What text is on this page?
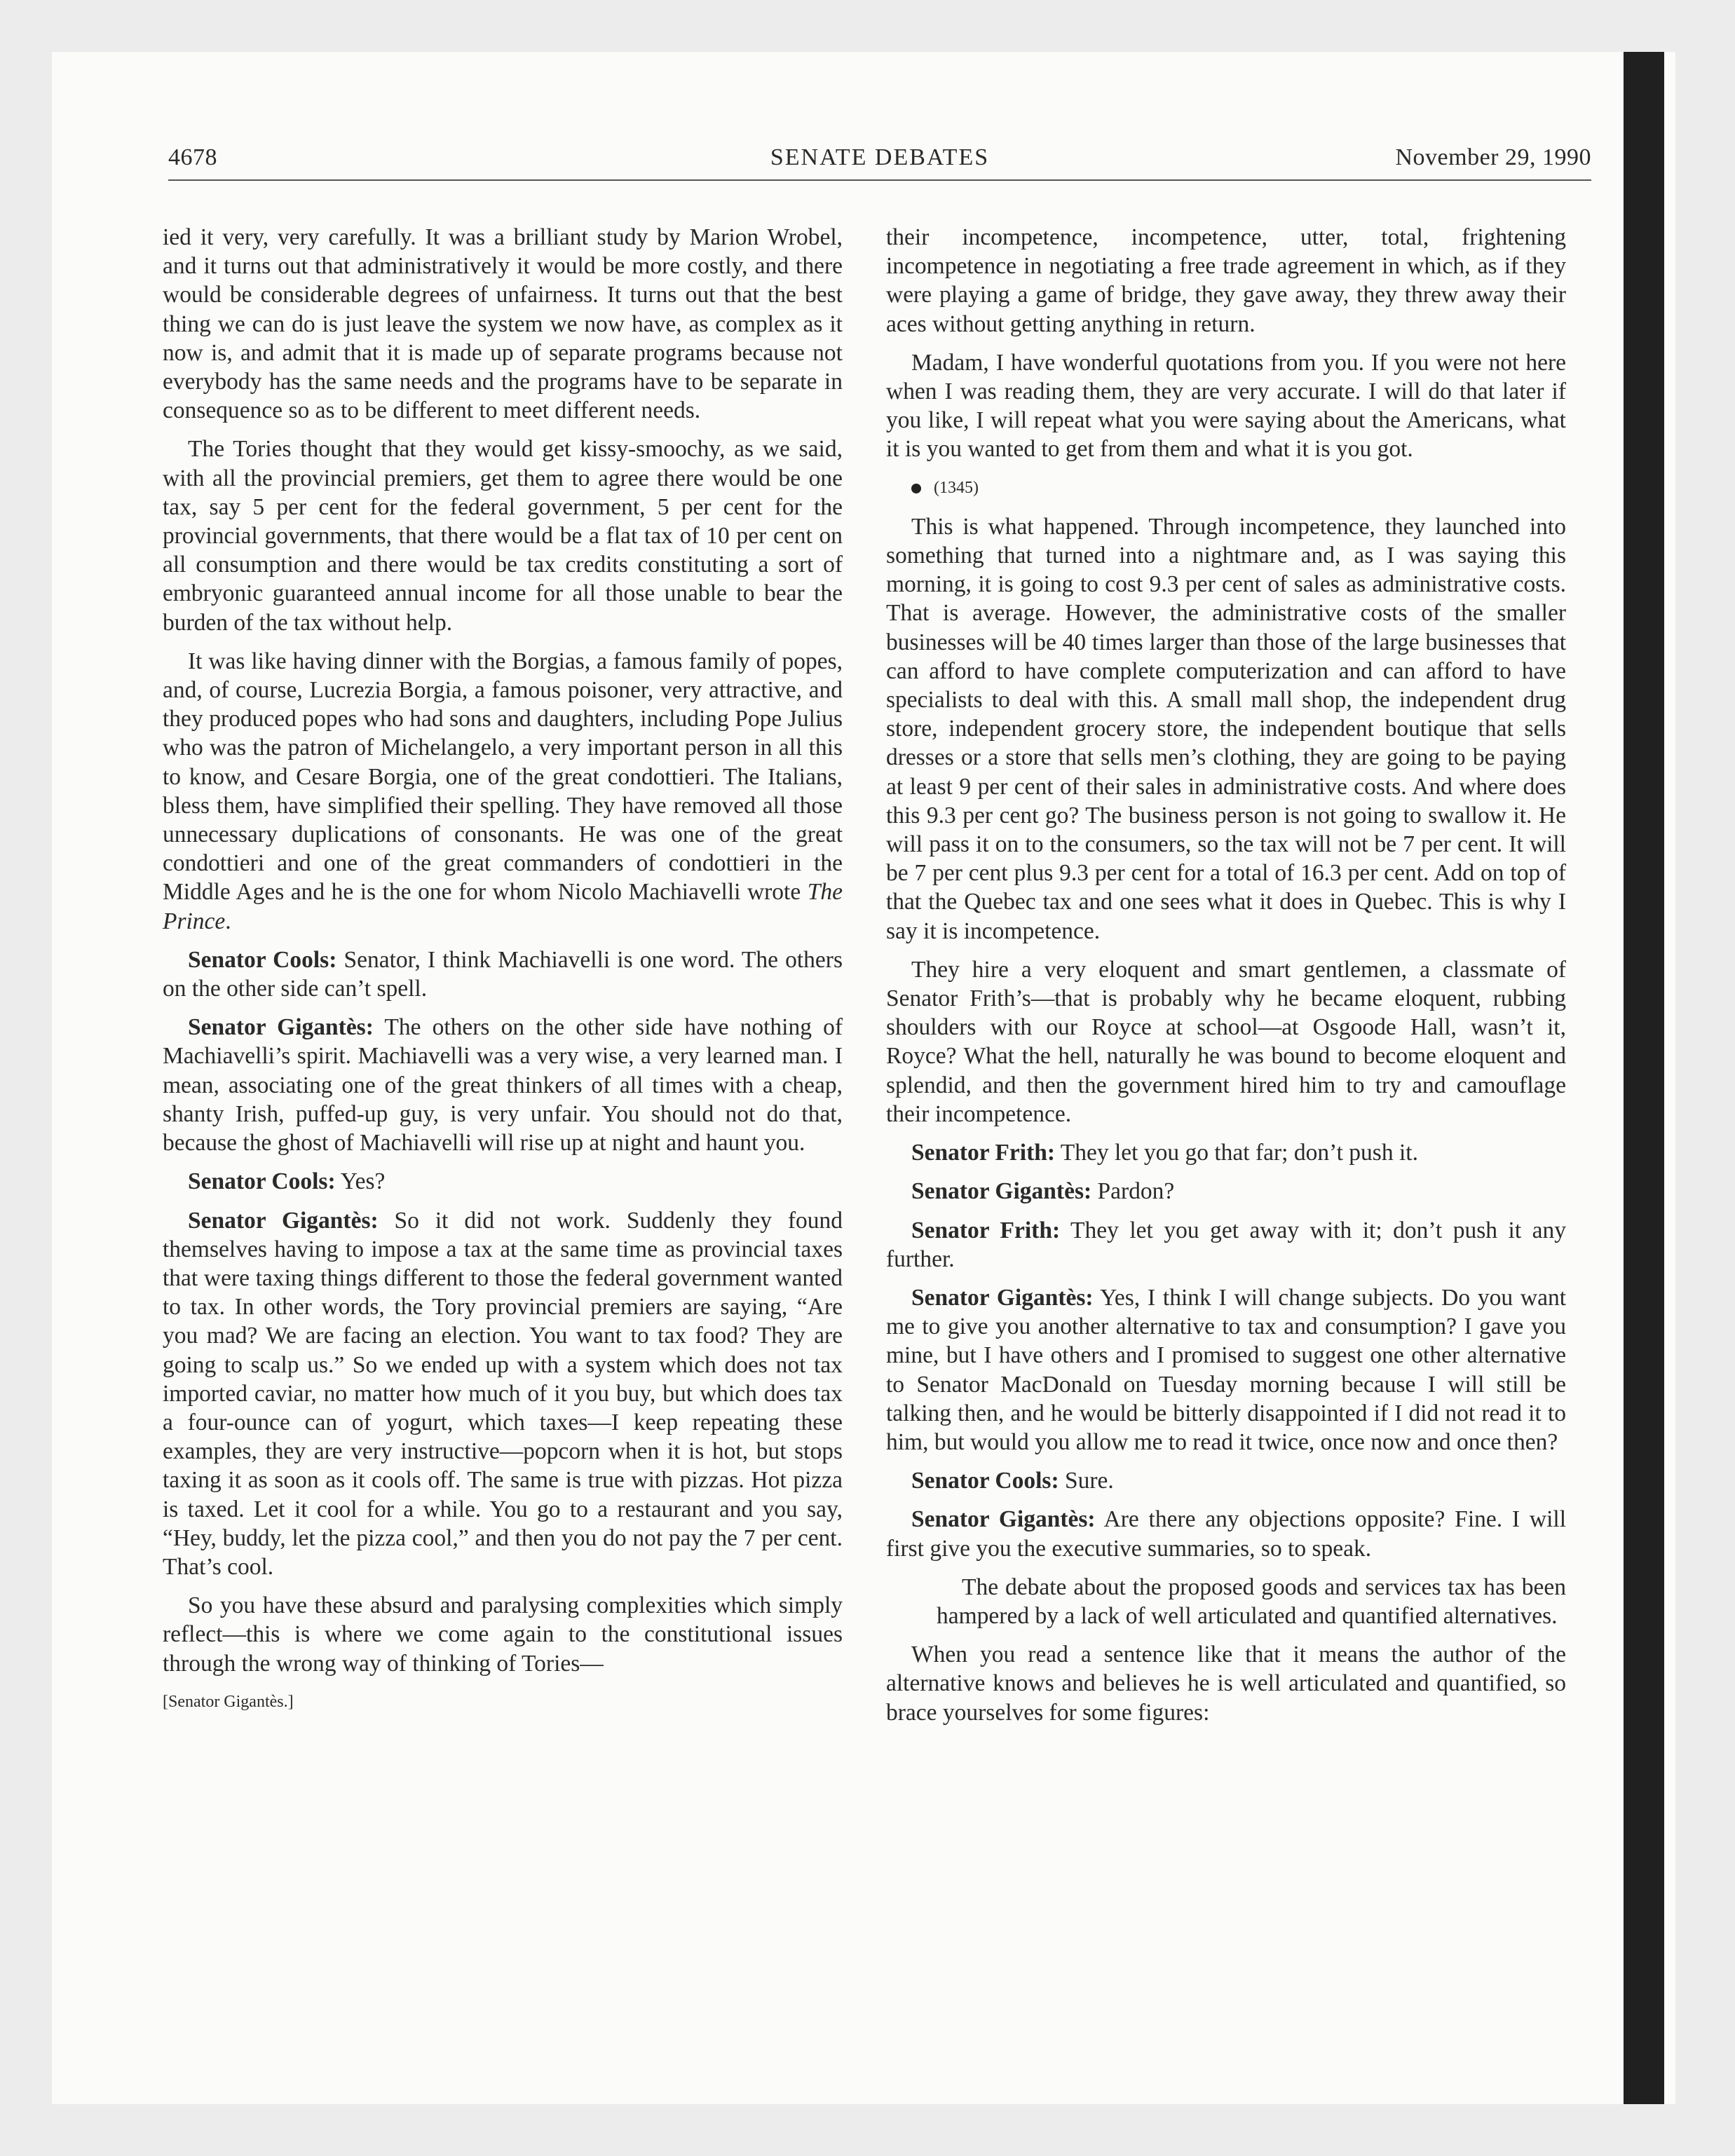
4678	SENATE DEBATES	November 29, 1990

ied it very, very carefully. It was a brilliant study by Marion Wrobel, and it turns out that administratively it would be more costly, and there would be considerable degrees of unfairness. It turns out that the best thing we can do is just leave the system we now have, as complex as it now is, and admit that it is made up of separate programs because not everybody has the same needs and the programs have to be separate in consequence so as to be different to meet different needs.

The Tories thought that they would get kissy-smoochy, as we said, with all the provincial premiers, get them to agree there would be one tax, say 5 per cent for the federal government, 5 per cent for the provincial governments, that there would be a flat tax of 10 per cent on all consumption and there would be tax credits constituting a sort of embryonic guaranteed annual income for all those unable to bear the burden of the tax without help.

It was like having dinner with the Borgias, a famous family of popes, and, of course, Lucrezia Borgia, a famous poisoner, very attractive, and they produced popes who had sons and daughters, including Pope Julius who was the patron of Michelangelo, a very important person in all this to know, and Cesare Borgia, one of the great condottieri. The Italians, bless them, have simplified their spelling. They have removed all those unnecessary duplications of consonants. He was one of the great condottieri and one of the great commanders of condottieri in the Middle Ages and he is the one for whom Nicolo Machiavelli wrote The Prince.

Senator Cools: Senator, I think Machiavelli is one word. The others on the other side can’t spell.

Senator Gigantès: The others on the other side have nothing of Machiavelli’s spirit. Machiavelli was a very wise, a very learned man. I mean, associating one of the great thinkers of all times with a cheap, shanty Irish, puffed-up guy, is very unfair. You should not do that, because the ghost of Machiavelli will rise up at night and haunt you.

Senator Cools: Yes?

Senator Gigantès: So it did not work. Suddenly they found themselves having to impose a tax at the same time as provincial taxes that were taxing things different to those the federal government wanted to tax. In other words, the Tory provincial premiers are saying, “Are you mad? We are facing an election. You want to tax food? They are going to scalp us.” So we ended up with a system which does not tax imported caviar, no matter how much of it you buy, but which does tax a four-ounce can of yogurt, which taxes—I keep repeating these examples, they are very instructive—popcorn when it is hot, but stops taxing it as soon as it cools off. The same is true with pizzas. Hot pizza is taxed. Let it cool for a while. You go to a restaurant and you say, “Hey, buddy, let the pizza cool,” and then you do not pay the 7 per cent. That’s cool.

So you have these absurd and paralysing complexities which simply reflect—this is where we come again to the constitutional issues through the wrong way of thinking of Tories—

[Senator Gigantès.]

their incompetence, incompetence, utter, total, frightening incompetence in negotiating a free trade agreement in which, as if they were playing a game of bridge, they gave away, they threw away their aces without getting anything in return.

Madam, I have wonderful quotations from you. If you were not here when I was reading them, they are very accurate. I will do that later if you like, I will repeat what you were saying about the Americans, what it is you wanted to get from them and what it is you got.

(1345)

This is what happened. Through incompetence, they launched into something that turned into a nightmare and, as I was saying this morning, it is going to cost 9.3 per cent of sales as administrative costs. That is average. However, the administrative costs of the smaller businesses will be 40 times larger than those of the large businesses that can afford to have complete computerization and can afford to have specialists to deal with this. A small mall shop, the independent drug store, independent grocery store, the independent boutique that sells dresses or a store that sells men’s clothing, they are going to be paying at least 9 per cent of their sales in administrative costs. And where does this 9.3 per cent go? The business person is not going to swallow it. He will pass it on to the consumers, so the tax will not be 7 per cent. It will be 7 per cent plus 9.3 per cent for a total of 16.3 per cent. Add on top of that the Quebec tax and one sees what it does in Quebec. This is why I say it is incompetence.

They hire a very eloquent and smart gentlemen, a classmate of Senator Frith’s—that is probably why he became eloquent, rubbing shoulders with our Royce at school—at Osgoode Hall, wasn’t it, Royce? What the hell, naturally he was bound to become eloquent and splendid, and then the government hired him to try and camouflage their incompetence.

Senator Frith: They let you go that far; don’t push it.

Senator Gigantès: Pardon?

Senator Frith: They let you get away with it; don’t push it any further.

Senator Gigantès: Yes, I think I will change subjects. Do you want me to give you another alternative to tax and consumption? I gave you mine, but I have others and I promised to suggest one other alternative to Senator MacDonald on Tuesday morning because I will still be talking then, and he would be bitterly disappointed if I did not read it to him, but would you allow me to read it twice, once now and once then?

Senator Cools: Sure.

Senator Gigantès: Are there any objections opposite? Fine. I will first give you the executive summaries, so to speak.

The debate about the proposed goods and services tax has been hampered by a lack of well articulated and quantified alternatives.

When you read a sentence like that it means the author of the alternative knows and believes he is well articulated and quantified, so brace yourselves for some figures:
